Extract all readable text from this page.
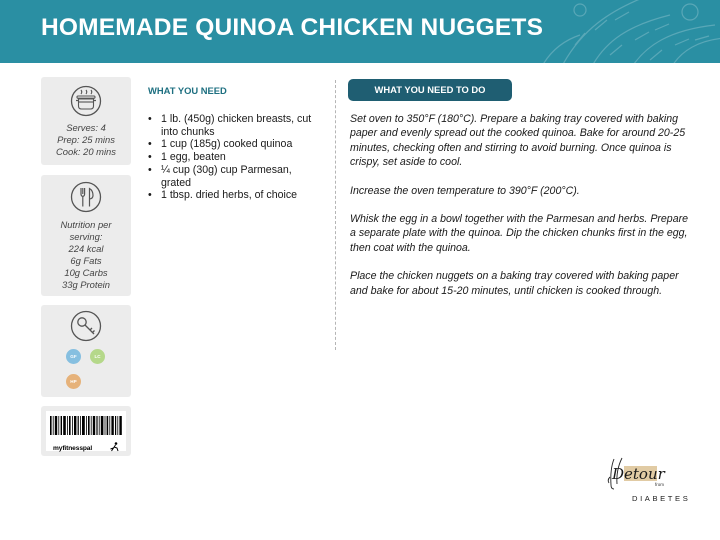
HOMEMADE QUINOA CHICKEN NUGGETS
Serves: 4
Prep: 25 mins
Cook: 20 mins
Nutrition per
serving:
224 kcal
6g Fats
10g Carbs
33g Protein
GF	LC
HP
myfitnesspal
WHAT YOU NEED
• 1 lb. (450g) chicken breasts, cut into chunks
• 1 cup (185g) cooked quinoa
• 1 egg, beaten
• ¼ cup (30g) cup Parmesan, grated
• 1 tbsp. dried herbs, of choice
WHAT YOU NEED TO DO

Set oven to 350°F (180°C). Prepare a baking tray covered with baking paper and evenly spread out the cooked quinoa. Bake for around 20-25 minutes, checking often and stirring to avoid burning. Once quinoa is crispy, set aside to cool.

Increase the oven temperature to 390°F (200°C).

Whisk the egg in a bowl together with the Parmesan and herbs. Prepare a separate plate with the quinoa. Dip the chicken chunks first in the egg, then coat with the quinoa.

Place the chicken nuggets on a baking tray covered with baking paper and bake for about 15-20 minutes, until chicken is cooked through.

Detour
from
DIABETES
